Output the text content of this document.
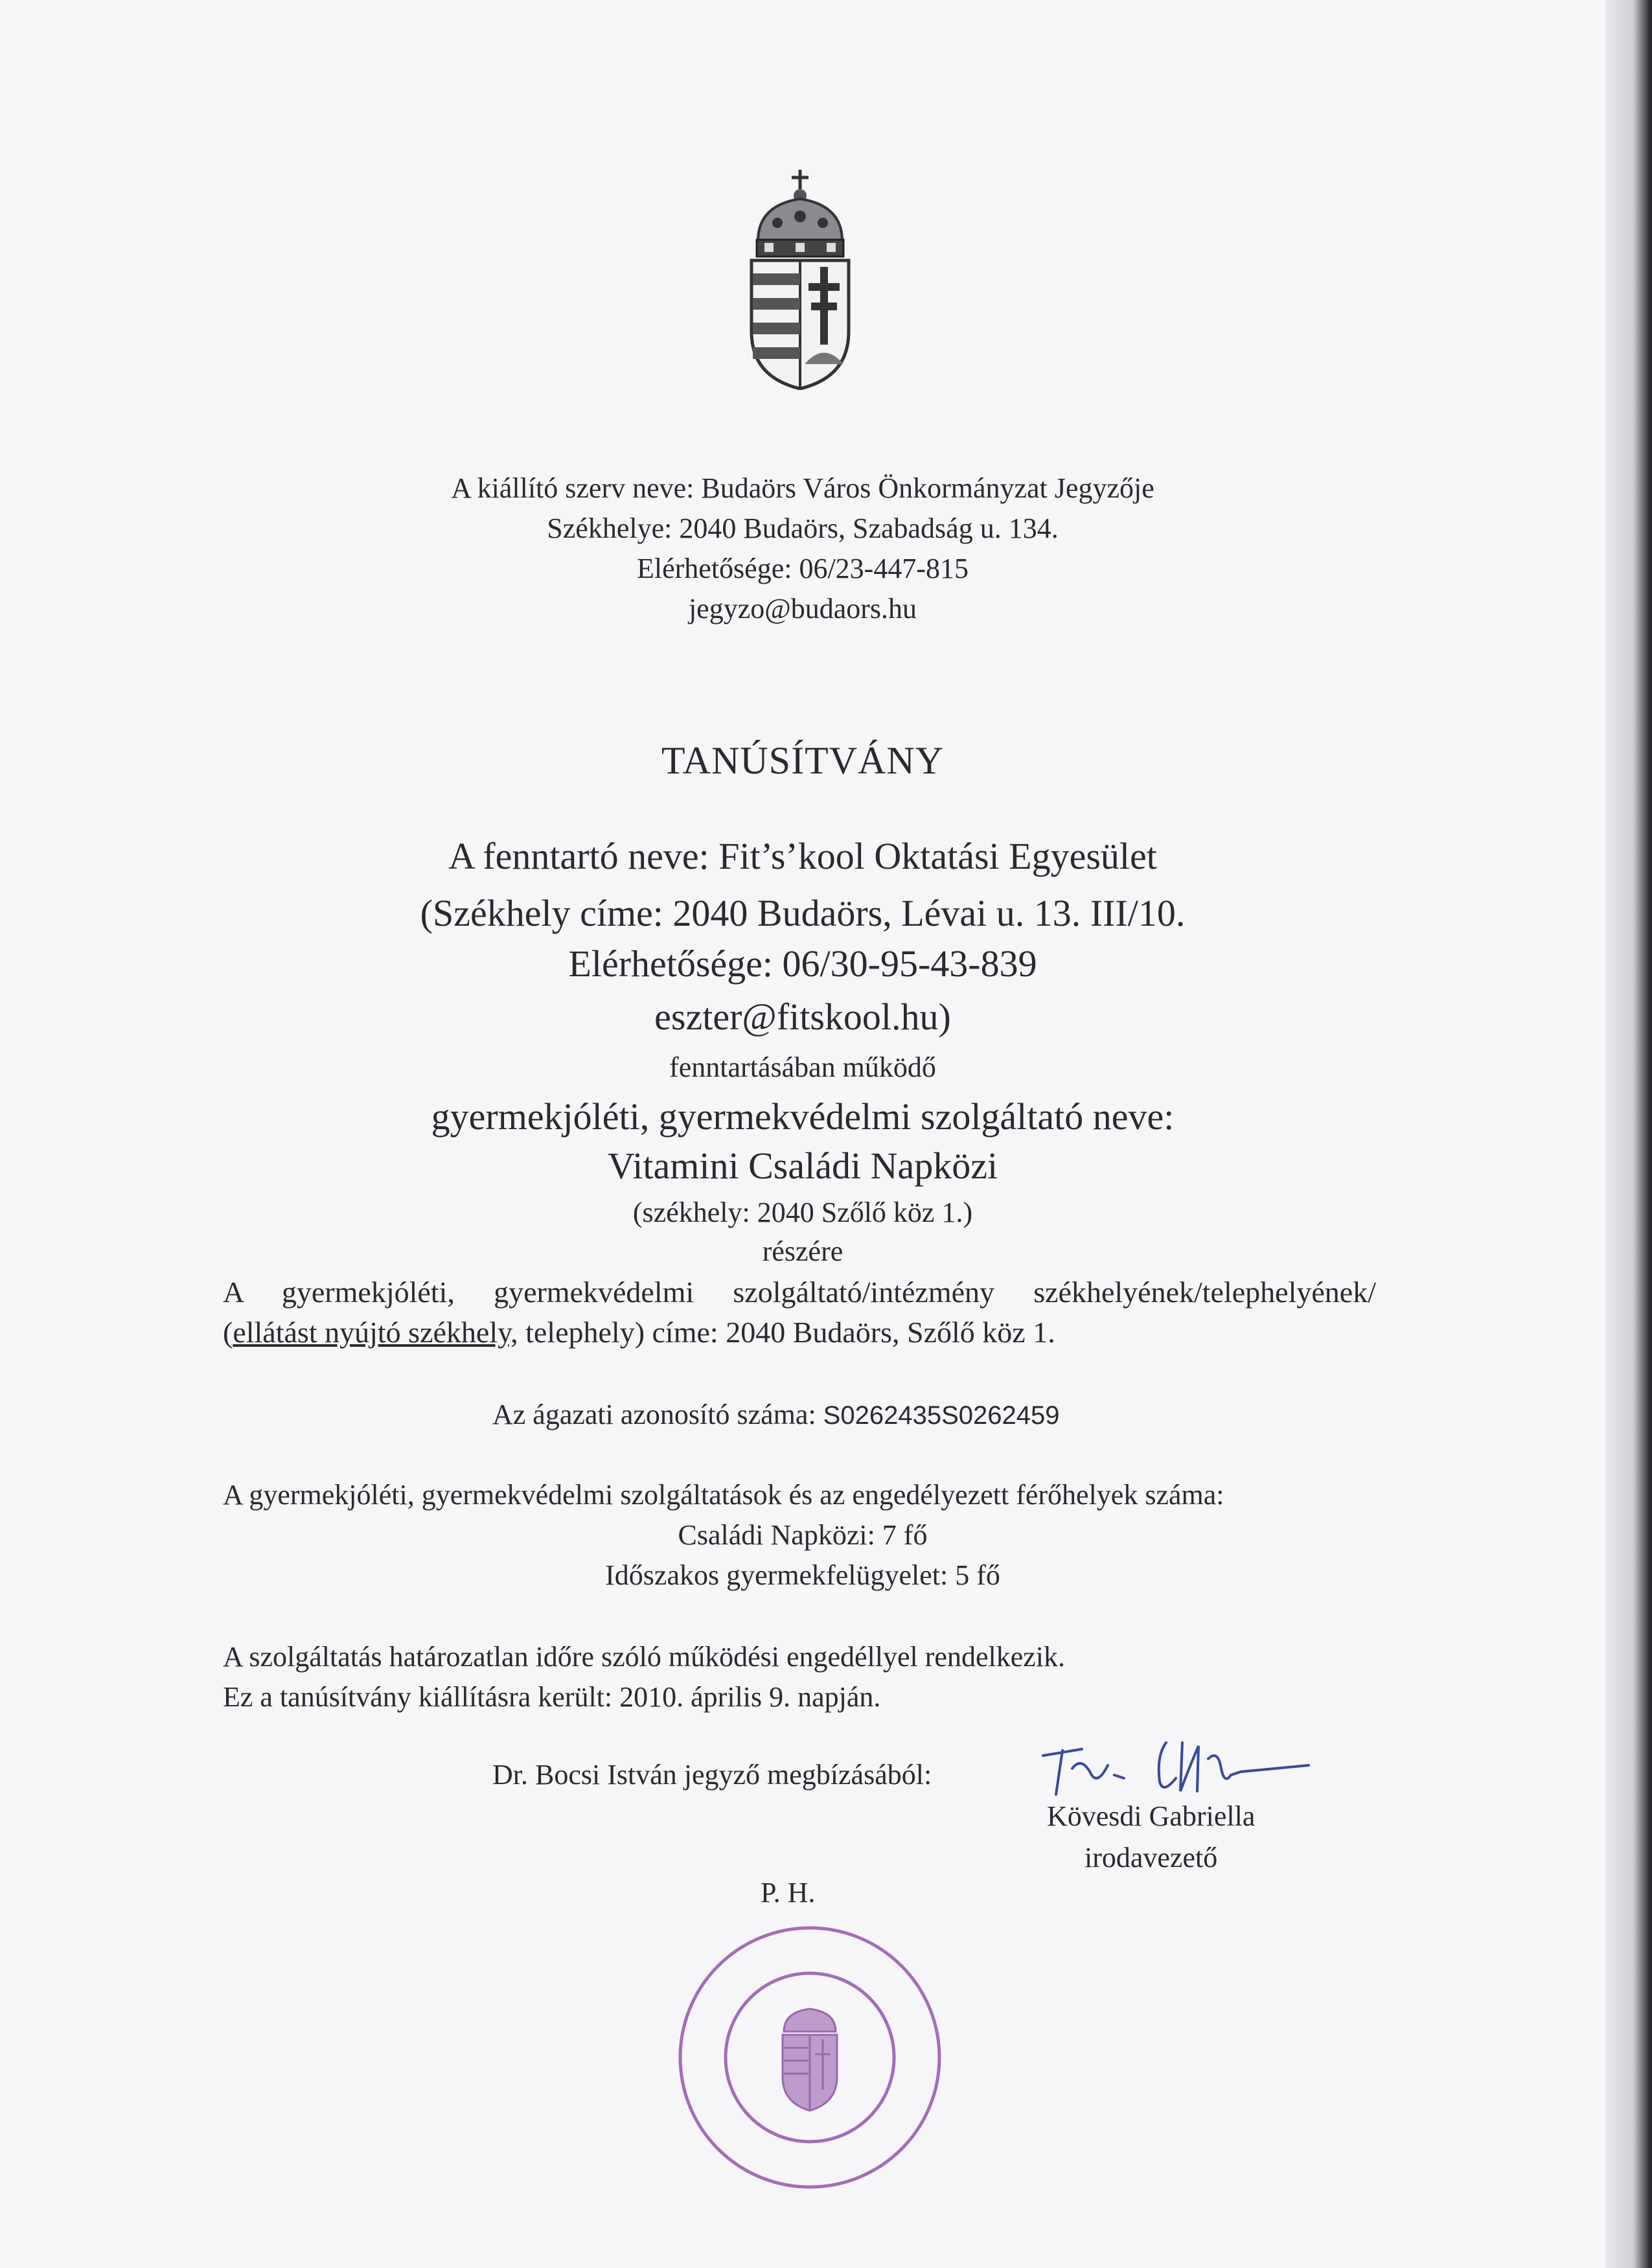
A kiállító szerv neve: Budaörs Város Önkormányzat Jegyzője
Székhelye: 2040 Budaörs, Szabadság u. 134.
Elérhetősége: 06/23-447-815
jegyzo@budaors.hu
TANÚSÍTVÁNY
A fenntartó neve: Fit’s’kool Oktatási Egyesület
(Székhely címe: 2040 Budaörs, Lévai u. 13. III/10.
Elérhetősége: 06/30-95-43-839
eszter@fitskool.hu)
fenntartásában működő
gyermekjóléti, gyermekvédelmi szolgáltató neve:
Vitamini Családi Napközi
(székhely: 2040 Szőlő köz 1.)
részére
A gyermekjóléti, gyermekvédelmi szolgáltató/intézmény székhelyének/telephelyének/
(ellátást nyújtó székhely, telephely) címe: 2040 Budaörs, Szőlő köz 1.
Az ágazati azonosító száma: S0262435S0262459
A gyermekjóléti, gyermekvédelmi szolgáltatások és az engedélyezett férőhelyek száma:
Családi Napközi: 7 fő
Időszakos gyermekfelügyelet: 5 fő
A szolgáltatás határozatlan időre szóló működési engedéllyel rendelkezik.
Ez a tanúsítvány kiállításra került: 2010. április 9. napján.
Dr. Bocsi István jegyző megbízásából:
Kövesdi Gabriella
irodavezető
P. H.
